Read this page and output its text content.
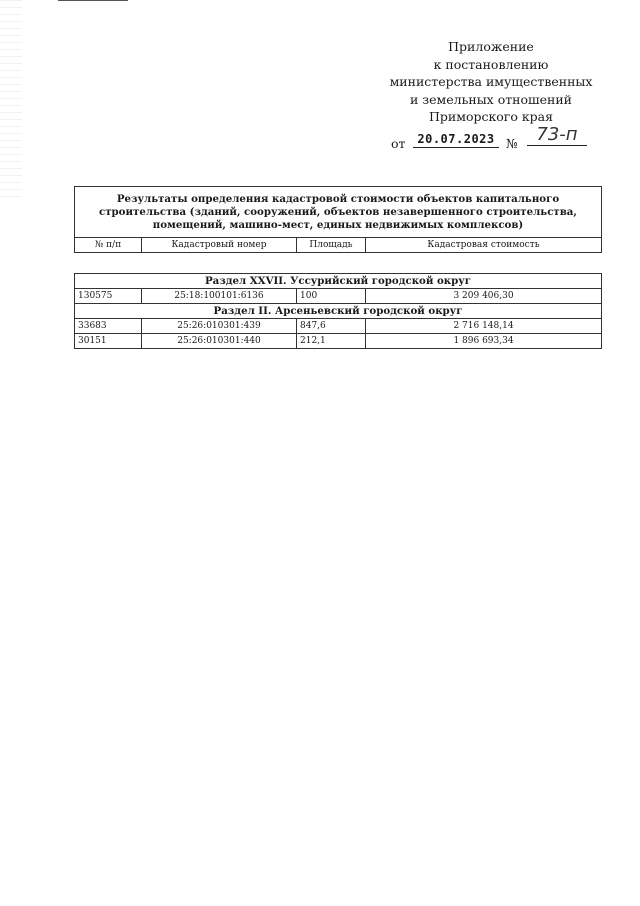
Приложение
к постановлению
министерства имущественных
и земельных отношений
Приморского края
от 20.07.2023 №	73-п
Результаты определения кадастровой стоимости объектов капитального строительства (зданий, сооружений, объектов незавершенного строительства, помещений, машино-мест, единых недвижимых комплексов)
№ п/п	Кадастровый номер	Площадь	Кадастровая стоимость
Раздел XXVII. Уссурийский городской округ			
130575	25:18:100101:6136	100	3 209 406,30
Раздел II. Арсеньевский городской округ			
33683	25:26:010301:439	847,6	2 716 148,14
30151	25:26:010301:440	212,1	1 896 693,34
